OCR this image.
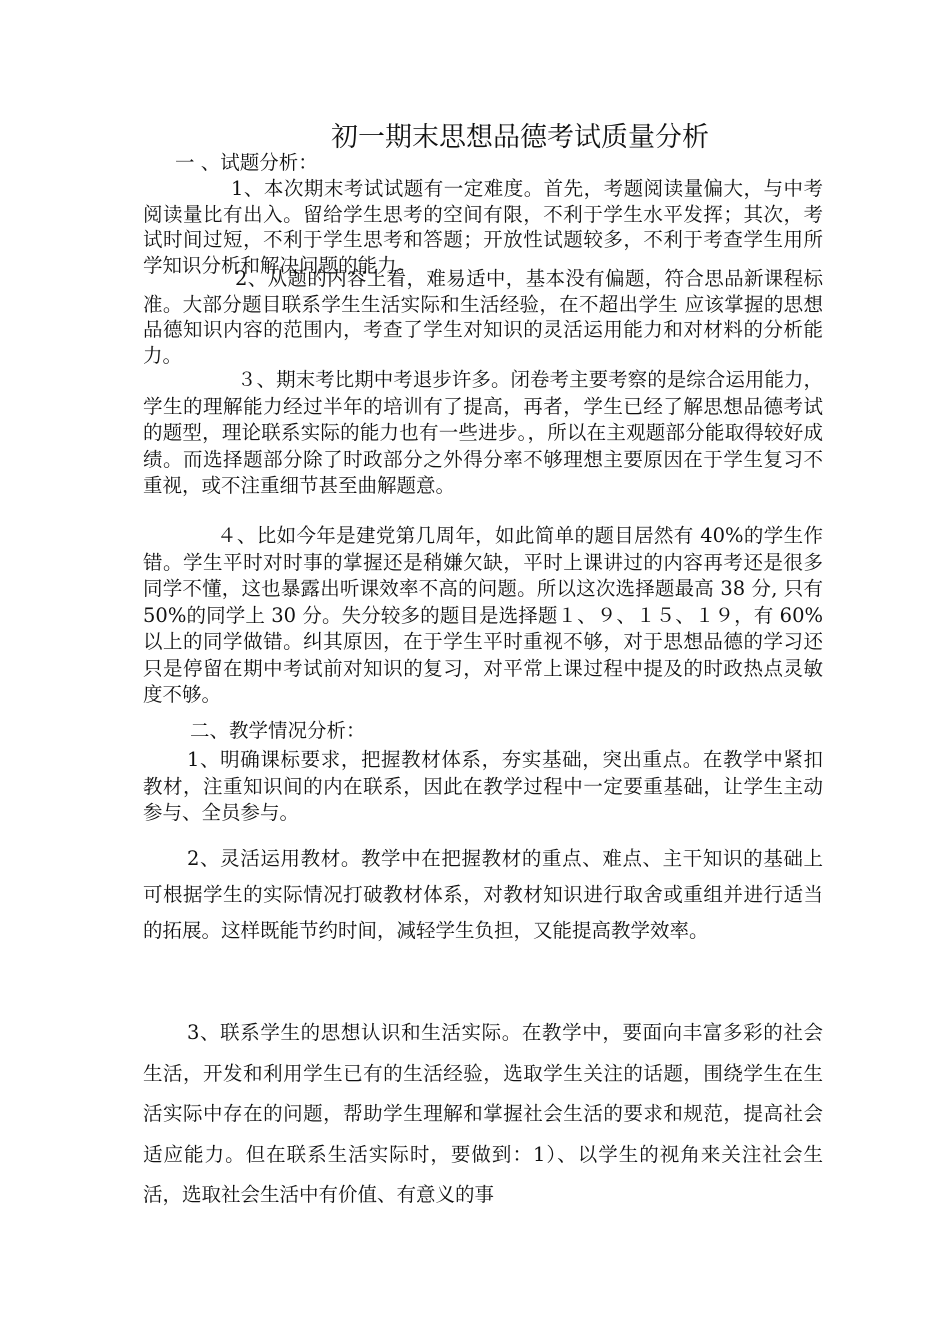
初一期末思想品德考试质量分析

一 、试题分析：

1、本次期末考试试题有一定难度。首先，考题阅读量偏大，与中考阅读量比有出入。留给学生思考的空间有限，不利于学生水平发挥；其次，考试时间过短，不利于学生思考和答题；开放性试题较多，不利于考查学生用所学知识分析和解决问题的能力。

2、从题的内容上看，难易适中，基本没有偏题，符合思品新课程标准。大部分题目联系学生生活实际和生活经验，在不超出学生 应该掌握的思想品德知识内容的范围内，考查了学生对知识的灵活运用能力和对材料的分析能力。

３、期末考比期中考退步许多。闭卷考主要考察的是综合运用能力，学生的理解能力经过半年的培训有了提高，再者，学生已经了解思想品德考试的题型，理论联系实际的能力也有一些进步。，所以在主观题部分能取得较好成绩。而选择题部分除了时政部分之外得分率不够理想主要原因在于学生复习不重视，或不注重细节甚至曲解题意。

４、比如今年是建党第几周年，如此简单的题目居然有 40%的学生作错。学生平时对时事的掌握还是稍嫌欠缺，平时上课讲过的内容再考还是很多同学不懂，这也暴露出听课效率不高的问题。所以这次选择题最高 38 分, 只有 50%的同学上 30 分。失分较多的题目是选择题１、９、１５、１９，有 60%以上的同学做错。纠其原因，在于学生平时重视不够，对于思想品德的学习还只是停留在期中考试前对知识的复习，对平常上课过程中提及的时政热点灵敏度不够。

二、教学情况分析：

1、明确课标要求，把握教材体系，夯实基础，突出重点。在教学中紧扣教材，注重知识间的内在联系，因此在教学过程中一定要重基础，让学生主动参与、全员参与。

2、灵活运用教材。教学中在把握教材的重点、难点、主干知识的基础上可根据学生的实际情况打破教材体系，对教材知识进行取舍或重组并进行适当的拓展。这样既能节约时间，减轻学生负担，又能提高教学效率。

3、联系学生的思想认识和生活实际。在教学中，要面向丰富多彩的社会生活，开发和利用学生已有的生活经验，选取学生关注的话题，围绕学生在生活实际中存在的问题，帮助学生理解和掌握社会生活的要求和规范，提高社会适应能力。但在联系生活实际时，要做到：1）、以学生的视角来关注社会生活，选取社会生活中有价值、有意义的事
